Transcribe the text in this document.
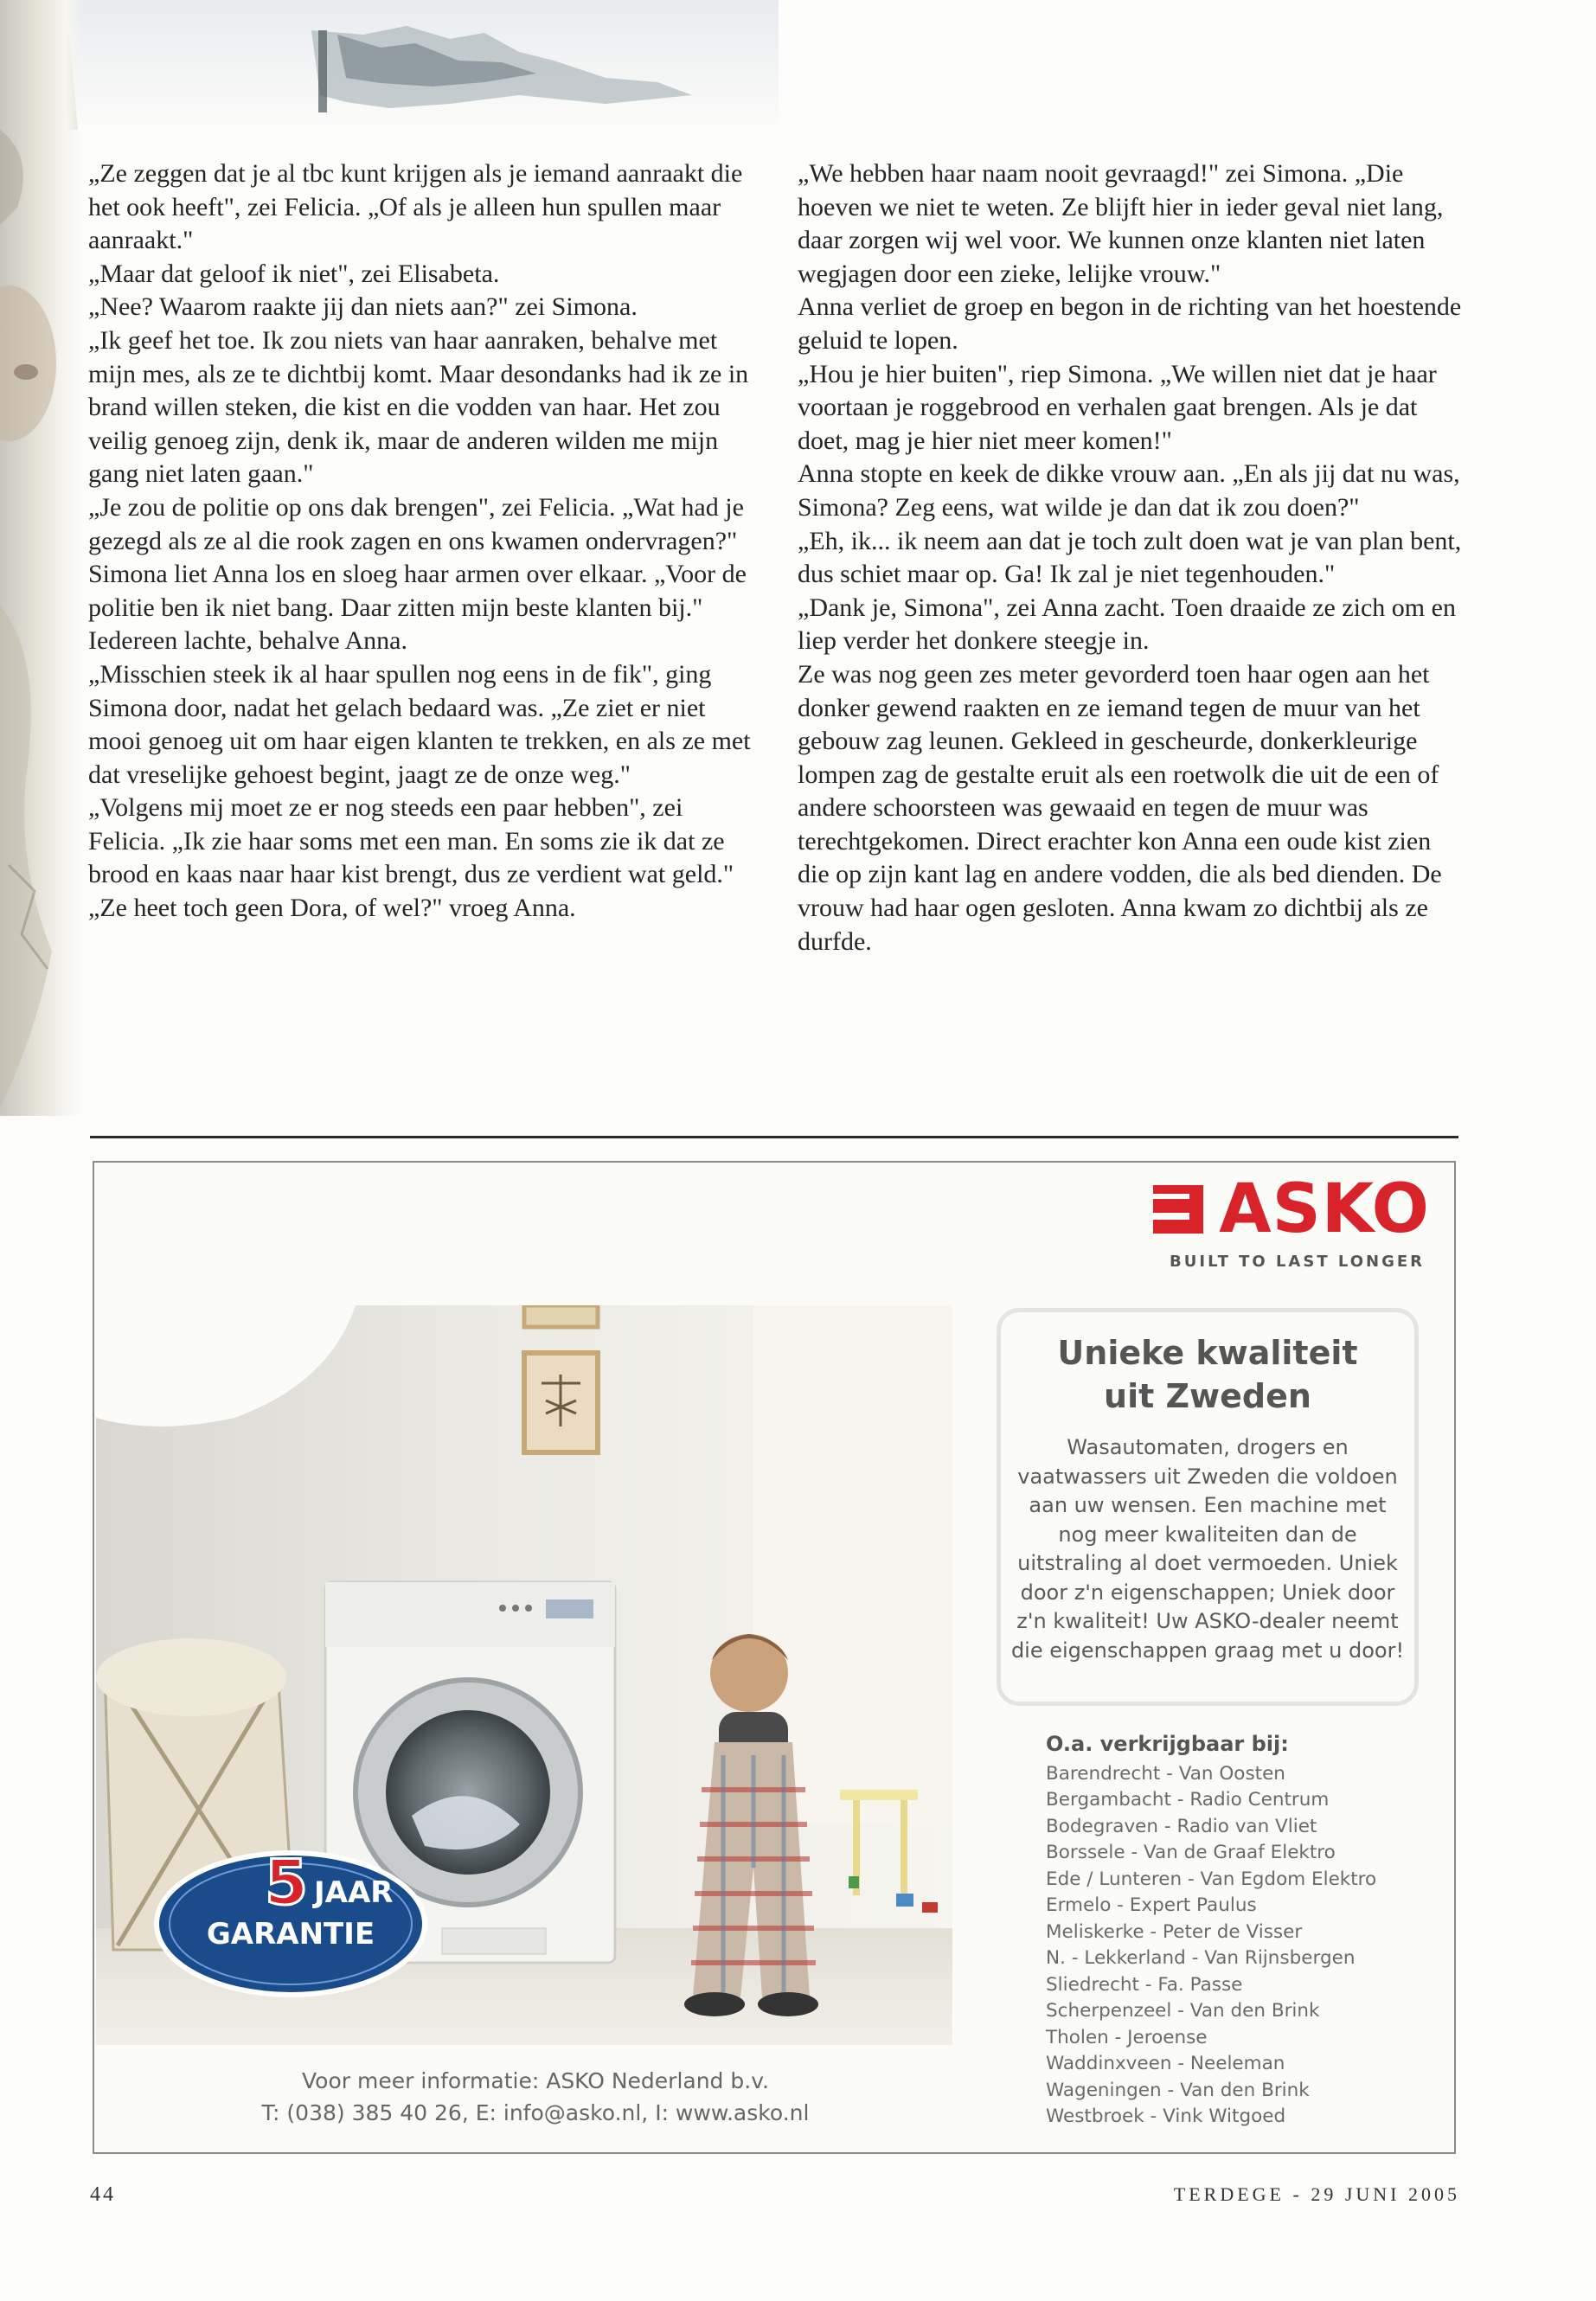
„Ze zeggen dat je al tbc kunt krijgen als je iemand aanraakt die het ook heeft", zei Felicia. „Of als je alleen hun spullen maar aanraakt."

„Maar dat geloof ik niet", zei Elisabeta.

„Nee? Waarom raakte jij dan niets aan?" zei Simona.

„Ik geef het toe. Ik zou niets van haar aanraken, behalve met mijn mes, als ze te dichtbij komt. Maar desondanks had ik ze in brand willen steken, die kist en die vodden van haar. Het zou veilig genoeg zijn, denk ik, maar de anderen wilden me mijn gang niet laten gaan."

„Je zou de politie op ons dak brengen", zei Felicia. „Wat had je gezegd als ze al die rook zagen en ons kwamen ondervragen?"

Simona liet Anna los en sloeg haar armen over elkaar. „Voor de politie ben ik niet bang. Daar zitten mijn beste klanten bij."

Iedereen lachte, behalve Anna.

„Misschien steek ik al haar spullen nog eens in de fik", ging Simona door, nadat het gelach bedaard was. „Ze ziet er niet mooi genoeg uit om haar eigen klanten te trekken, en als ze met dat vreselijke gehoest begint, jaagt ze de onze weg."

„Volgens mij moet ze er nog steeds een paar hebben", zei Felicia. „Ik zie haar soms met een man. En soms zie ik dat ze brood en kaas naar haar kist brengt, dus ze verdient wat geld."

„Ze heet toch geen Dora, of wel?" vroeg Anna.

„We hebben haar naam nooit gevraagd!" zei Simona. „Die hoeven we niet te weten. Ze blijft hier in ieder geval niet lang, daar zorgen wij wel voor. We kunnen onze klanten niet laten wegjagen door een zieke, lelijke vrouw."

Anna verliet de groep en begon in de richting van het hoestende geluid te lopen.

„Hou je hier buiten", riep Simona. „We willen niet dat je haar voortaan je roggebrood en verhalen gaat brengen. Als je dat doet, mag je hier niet meer komen!"

Anna stopte en keek de dikke vrouw aan. „En als jij dat nu was, Simona? Zeg eens, wat wilde je dan dat ik zou doen?"

„Eh, ik... ik neem aan dat je toch zult doen wat je van plan bent, dus schiet maar op. Ga! Ik zal je niet tegenhouden."

„Dank je, Simona", zei Anna zacht. Toen draaide ze zich om en liep verder het donkere steegje in.

Ze was nog geen zes meter gevorderd toen haar ogen aan het donker gewend raakten en ze iemand tegen de muur van het gebouw zag leunen. Gekleed in gescheurde, donkerkleurige lompen zag de gestalte eruit als een roetwolk die uit de een of andere schoorsteen was gewaaid en tegen de muur was terechtgekomen. Direct erachter kon Anna een oude kist zien die op zijn kant lag en andere vodden, die als bed dienden. De vrouw had haar ogen gesloten. Anna kwam zo dichtbij als ze durfde.

ASKO
BUILT TO LAST LONGER
5 JAAR
GARANTIE
Unieke kwaliteit uit Zweden
Wasautomaten, drogers en vaatwassers uit Zweden die voldoen aan uw wensen. Een machine met nog meer kwaliteiten dan de uitstraling al doet vermoeden. Uniek door z'n eigenschappen; Uniek door z'n kwaliteit! Uw ASKO-dealer neemt die eigenschappen graag met u door!
O.a. verkrijgbaar bij:
Barendrecht - Van Oosten
Bergambacht - Radio Centrum
Bodegraven - Radio van Vliet
Borssele - Van de Graaf Elektro
Ede / Lunteren - Van Egdom Elektro
Ermelo - Expert Paulus
Meliskerke - Peter de Visser
N. - Lekkerland - Van Rijnsbergen
Sliedrecht - Fa. Passe
Scherpenzeel - Van den Brink
Tholen - Jeroense
Waddinxveen - Neeleman
Wageningen - Van den Brink
Westbroek - Vink Witgoed
Voor meer informatie: ASKO Nederland b.v.
T: (038) 385 40 26, E: info@asko.nl, I: www.asko.nl
44	TERDEGE - 29 JUNI 2005
